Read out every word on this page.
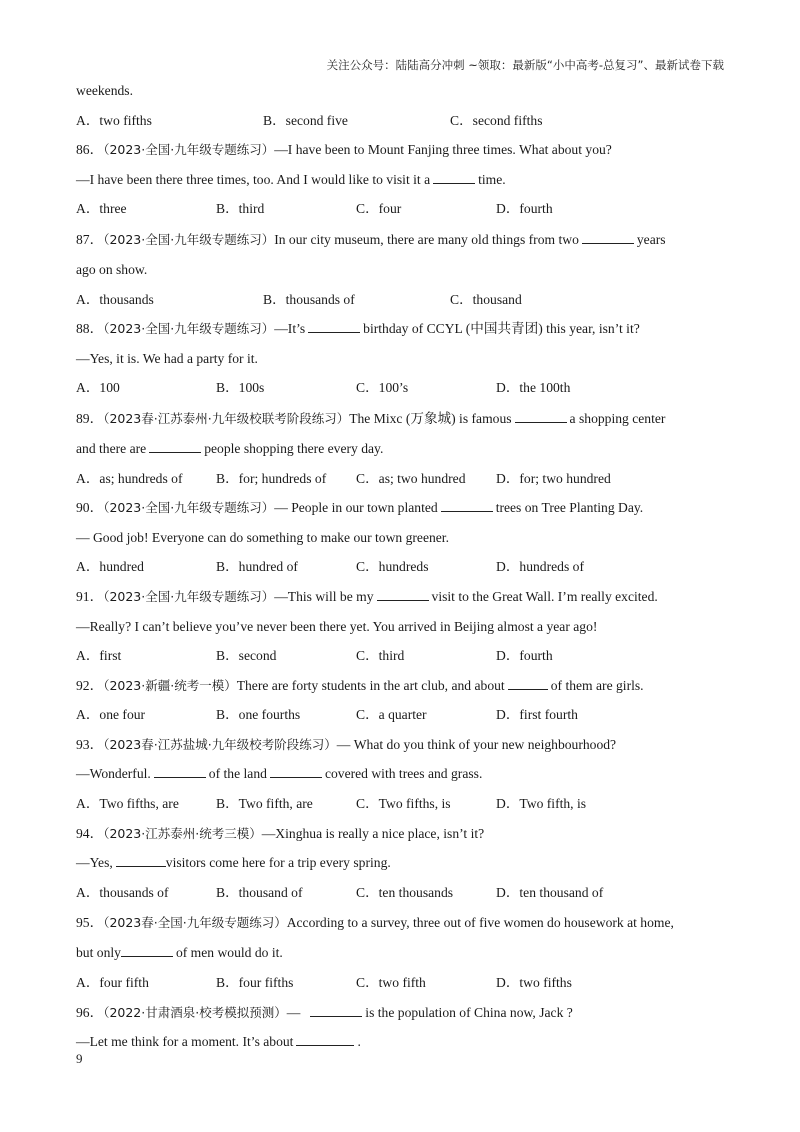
关注公众号：陆陆高分冲刺 ~领取：最新版“小中高考-总复习”、最新试卷下载
weekends.
A．two fifths	B．second five	C．second fifths
86．（2023·全国·九年级专题练习）—I have been to Mount Fanjing three times. What about you?
—I have been there three times, too. And I would like to visit it a	time.
A．three	B．third	C．four	D．fourth
87．（2023·全国·九年级专题练习）In our city museum, there are many old things from two	years
ago on show.
A．thousands	B．thousands of	C．thousand
88．（2023·全国·九年级专题练习）—It’s	birthday of CCYL (中国共青团) this year, isn’t it?
—Yes, it is. We had a party for it.
A．100	B．100s	C．100’s	D．the 100th
89．（2023春·江苏泰州·九年级校联考阶段练习）The Mixc (万象城) is famous	a shopping center
and there are	people shopping there every day.
A．as; hundreds of	B．for; hundreds of	C．as; two hundred	D．for; two hundred
90．（2023·全国·九年级专题练习）— People in our town planted	trees on Tree Planting Day.
— Good job! Everyone can do something to make our town greener.
A．hundred	B．hundred of	C．hundreds	D．hundreds of
91．（2023·全国·九年级专题练习）—This will be my	visit to the Great Wall. I’m really excited.
—Really? I can’t believe you’ve never been there yet. You arrived in Beijing almost a year ago!
A．first	B．second	C．third	D．fourth
92．（2023·新疆·统考一模）There are forty students in the art club, and about	of them are girls.
A．one four	B．one fourths	C．a quarter	D．first fourth
93．（2023春·江苏盐城·九年级校考阶段练习）— What do you think of your new neighbourhood?
—Wonderful.	of the land	covered with trees and grass.
A．Two fifths, are	B．Two fifth, are	C．Two fifths, is	D．Two fifth, is
94．（2023·江苏泰州·统考三模）—Xinghua is really a nice place, isn’t it?
—Yes,	visitors come here for a trip every spring.
A．thousands of	B．thousand of	C．ten thousands	D．ten thousand of
95．（2023春·全国·九年级专题练习）According to a survey, three out of five women do housework at home,
but only	of men would do it.
A．four fifth	B．four fifths	C．two fifth	D．two fifths
96．（2022·甘肃酒泉·校考模拟预测）—	is the population of China now, Jack ?
—Let me think for a moment. It’s about	.
9
